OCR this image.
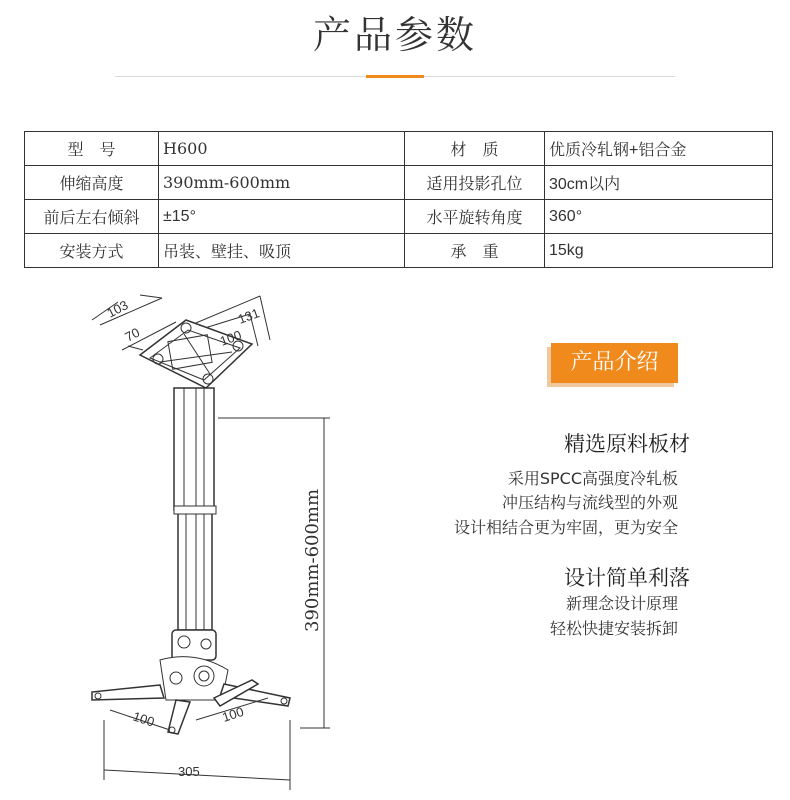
产品参数
型　号	H600	材　质	优质冷轧钢+铝合金
伸缩高度	390mm-600mm	适用投影孔位	30cm以内
前后左右倾斜	±15°	水平旋转角度	360°
安装方式	吊装、壁挂、吸顶	承　重	15kg
103
70
131
100
390mm-600mm
100	100
305
产品介绍
精选原料板材
采用SPCC高强度冷轧板
冲压结构与流线型的外观
设计相结合更为牢固，更为安全
设计简单利落
新理念设计原理
轻松快捷安装拆卸
